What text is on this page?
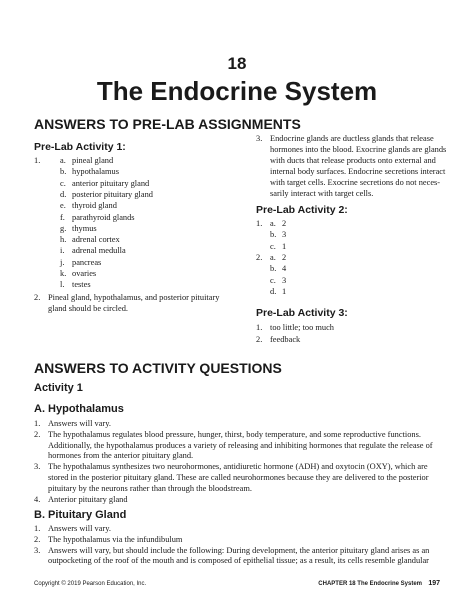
18
The Endocrine System
ANSWERS TO PRE-LAB ASSIGNMENTS
Pre-Lab Activity 1:
1. a. pineal gland
b. hypothalamus
c. anterior pituitary gland
d. posterior pituitary gland
e. thyroid gland
f. parathyroid glands
g. thymus
h. adrenal cortex
i. adrenal medulla
j. pancreas
k. ovaries
l. testes
2. Pineal gland, hypothalamus, and posterior pituitary
gland should be circled.
3. Endocrine glands are ductless glands that release
hormones into the blood. Exocrine glands are glands
with ducts that release products onto external and
internal body surfaces. Endocrine secretions interact
with target cells. Exocrine secretions do not neces-
sarily interact with target cells.
Pre-Lab Activity 2:
1. a. 2
b. 3
c. 1
2. a. 2
b. 4
c. 3
d. 1
Pre-Lab Activity 3:
1. too little; too much
2. feedback
ANSWERS TO ACTIVITY QUESTIONS
Activity 1
A. Hypothalamus
1. Answers will vary.
2. The hypothalamus regulates blood pressure, hunger, thirst, body temperature, and some reproductive functions.
Additionally, the hypothalamus produces a variety of releasing and inhibiting hormones that regulate the release of
hormones from the anterior pituitary gland.
3. The hypothalamus synthesizes two neurohormones, antidiuretic hormone (ADH) and oxytocin (OXY), which are
stored in the posterior pituitary gland. These are called neurohormones because they are delivered to the posterior
pituitary by the neurons rather than through the bloodstream.
4. Anterior pituitary gland
B. Pituitary Gland
1. Answers will vary.
2. The hypothalamus via the infundibulum
3. Answers will vary, but should include the following: During development, the anterior pituitary gland arises as an
outpocketing of the roof of the mouth and is composed of epithelial tissue; as a result, its cells resemble glandular
Copyright © 2019 Pearson Education, Inc.	CHAPTER 18 The Endocrine System 197
